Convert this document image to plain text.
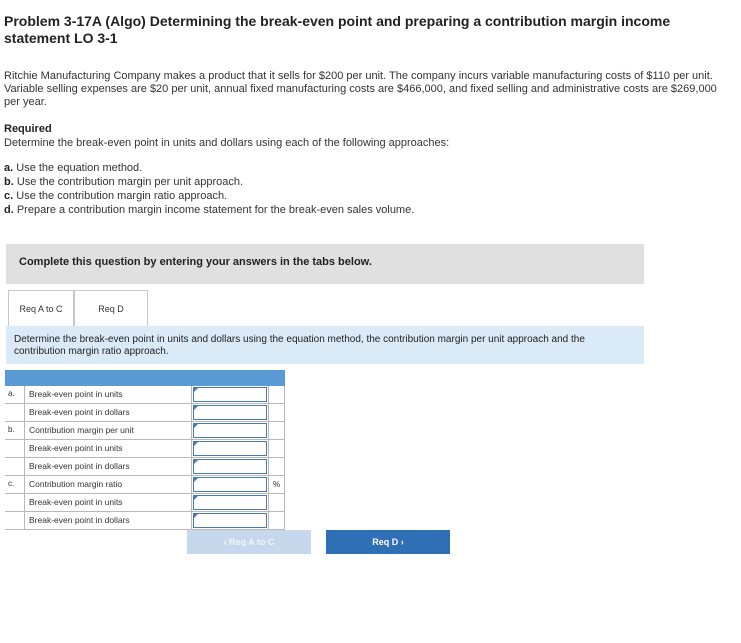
Problem 3-17A (Algo) Determining the break-even point and preparing a contribution margin income statement LO 3-1
Ritchie Manufacturing Company makes a product that it sells for $200 per unit. The company incurs variable manufacturing costs of $110 per unit. Variable selling expenses are $20 per unit, annual fixed manufacturing costs are $466,000, and fixed selling and administrative costs are $269,000 per year.
Required
Determine the break-even point in units and dollars using each of the following approaches:
a. Use the equation method.
b. Use the contribution margin per unit approach.
c. Use the contribution margin ratio approach.
d. Prepare a contribution margin income statement for the break-even sales volume.
Complete this question by entering your answers in the tabs below.
Req A to C	Req D
Determine the break-even point in units and dollars using the equation method, the contribution margin per unit approach and the contribution margin ratio approach.
a.	Break-even point in units
Break-even point in dollars
b.	Contribution margin per unit
Break-even point in units
Break-even point in dollars
c.	Contribution margin ratio	%
Break-even point in units
Break-even point in dollars
‹ Req A to C	Req D ›
